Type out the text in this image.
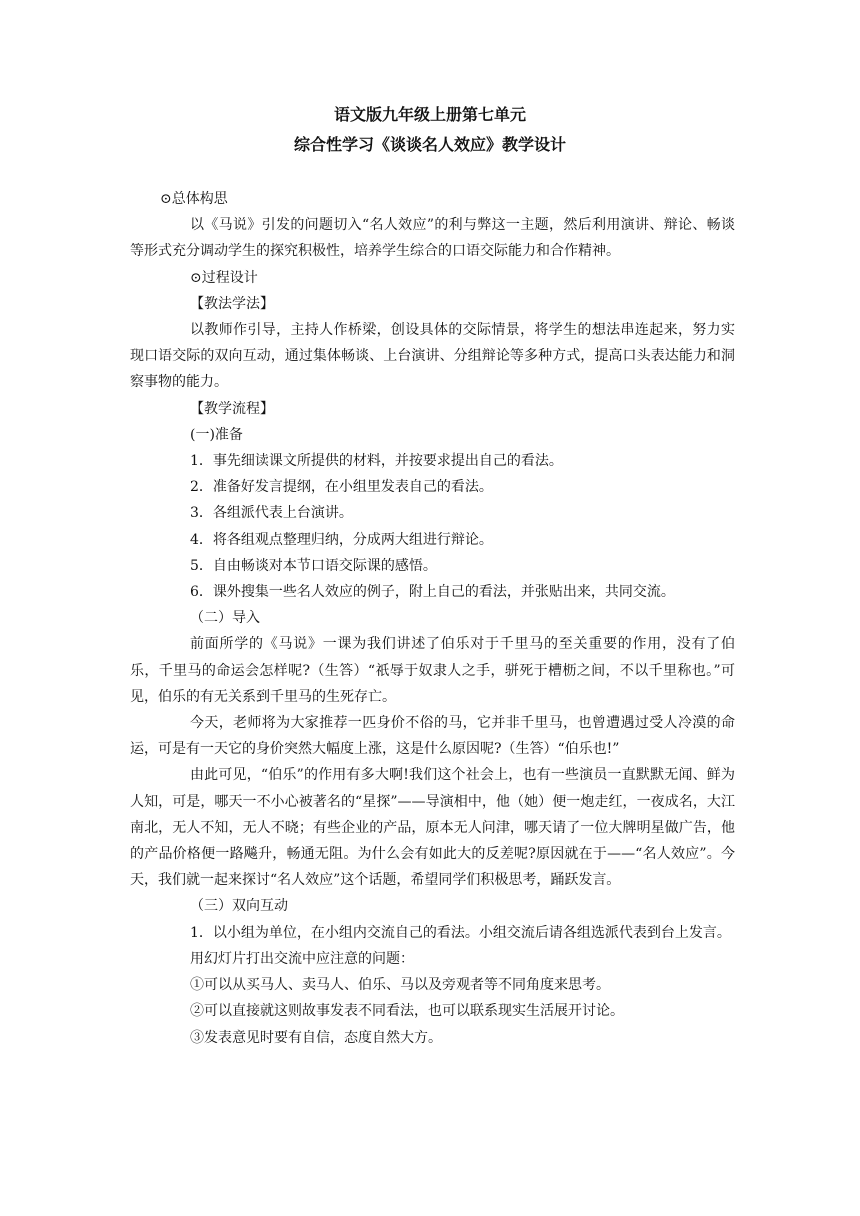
语文版九年级上册第七单元
综合性学习《谈谈名人效应》教学设计

⊙总体构思

以《马说》引发的问题切入“名人效应”的利与弊这一主题，然后利用演讲、辩论、畅谈等形式充分调动学生的探究积极性，培养学生综合的口语交际能力和合作精神。

⊙过程设计

【教法学法】

以教师作引导，主持人作桥梁，创设具体的交际情景，将学生的想法串连起来，努力实现口语交际的双向互动，通过集体畅谈、上台演讲、分组辩论等多种方式，提高口头表达能力和洞察事物的能力。

【教学流程】

(一)准备

1．事先细读课文所提供的材料，并按要求提出自己的看法。

2．准备好发言提纲，在小组里发表自己的看法。

3．各组派代表上台演讲。

4．将各组观点整理归纳，分成两大组进行辩论。

5．自由畅谈对本节口语交际课的感悟。

6．课外搜集一些名人效应的例子，附上自己的看法，并张贴出来，共同交流。

（二）导入

前面所学的《马说》一课为我们讲述了伯乐对于千里马的至关重要的作用，没有了伯乐，千里马的命运会怎样呢?（生答）“祇辱于奴隶人之手，骈死于槽枥之间，不以千里称也。”可见，伯乐的有无关系到千里马的生死存亡。

今天，老师将为大家推荐一匹身价不俗的马，它并非千里马，也曾遭遇过受人冷漠的命运，可是有一天它的身价突然大幅度上涨，这是什么原因呢?（生答）“伯乐也!”

由此可见，“伯乐”的作用有多大啊!我们这个社会上，也有一些演员一直默默无闻、鲜为人知，可是，哪天一不小心被著名的“星探”——导演相中，他（她）便一炮走红，一夜成名，大江南北，无人不知，无人不晓；有些企业的产品，原本无人问津，哪天请了一位大牌明星做广告，他的产品价格便一路飚升，畅通无阻。为什么会有如此大的反差呢?原因就在于——“名人效应”。今天，我们就一起来探讨“名人效应”这个话题，希望同学们积极思考，踊跃发言。

（三）双向互动

1．以小组为单位，在小组内交流自己的看法。小组交流后请各组选派代表到台上发言。

用幻灯片打出交流中应注意的问题：

①可以从买马人、卖马人、伯乐、马以及旁观者等不同角度来思考。

②可以直接就这则故事发表不同看法，也可以联系现实生活展开讨论。

③发表意见时要有自信，态度自然大方。
